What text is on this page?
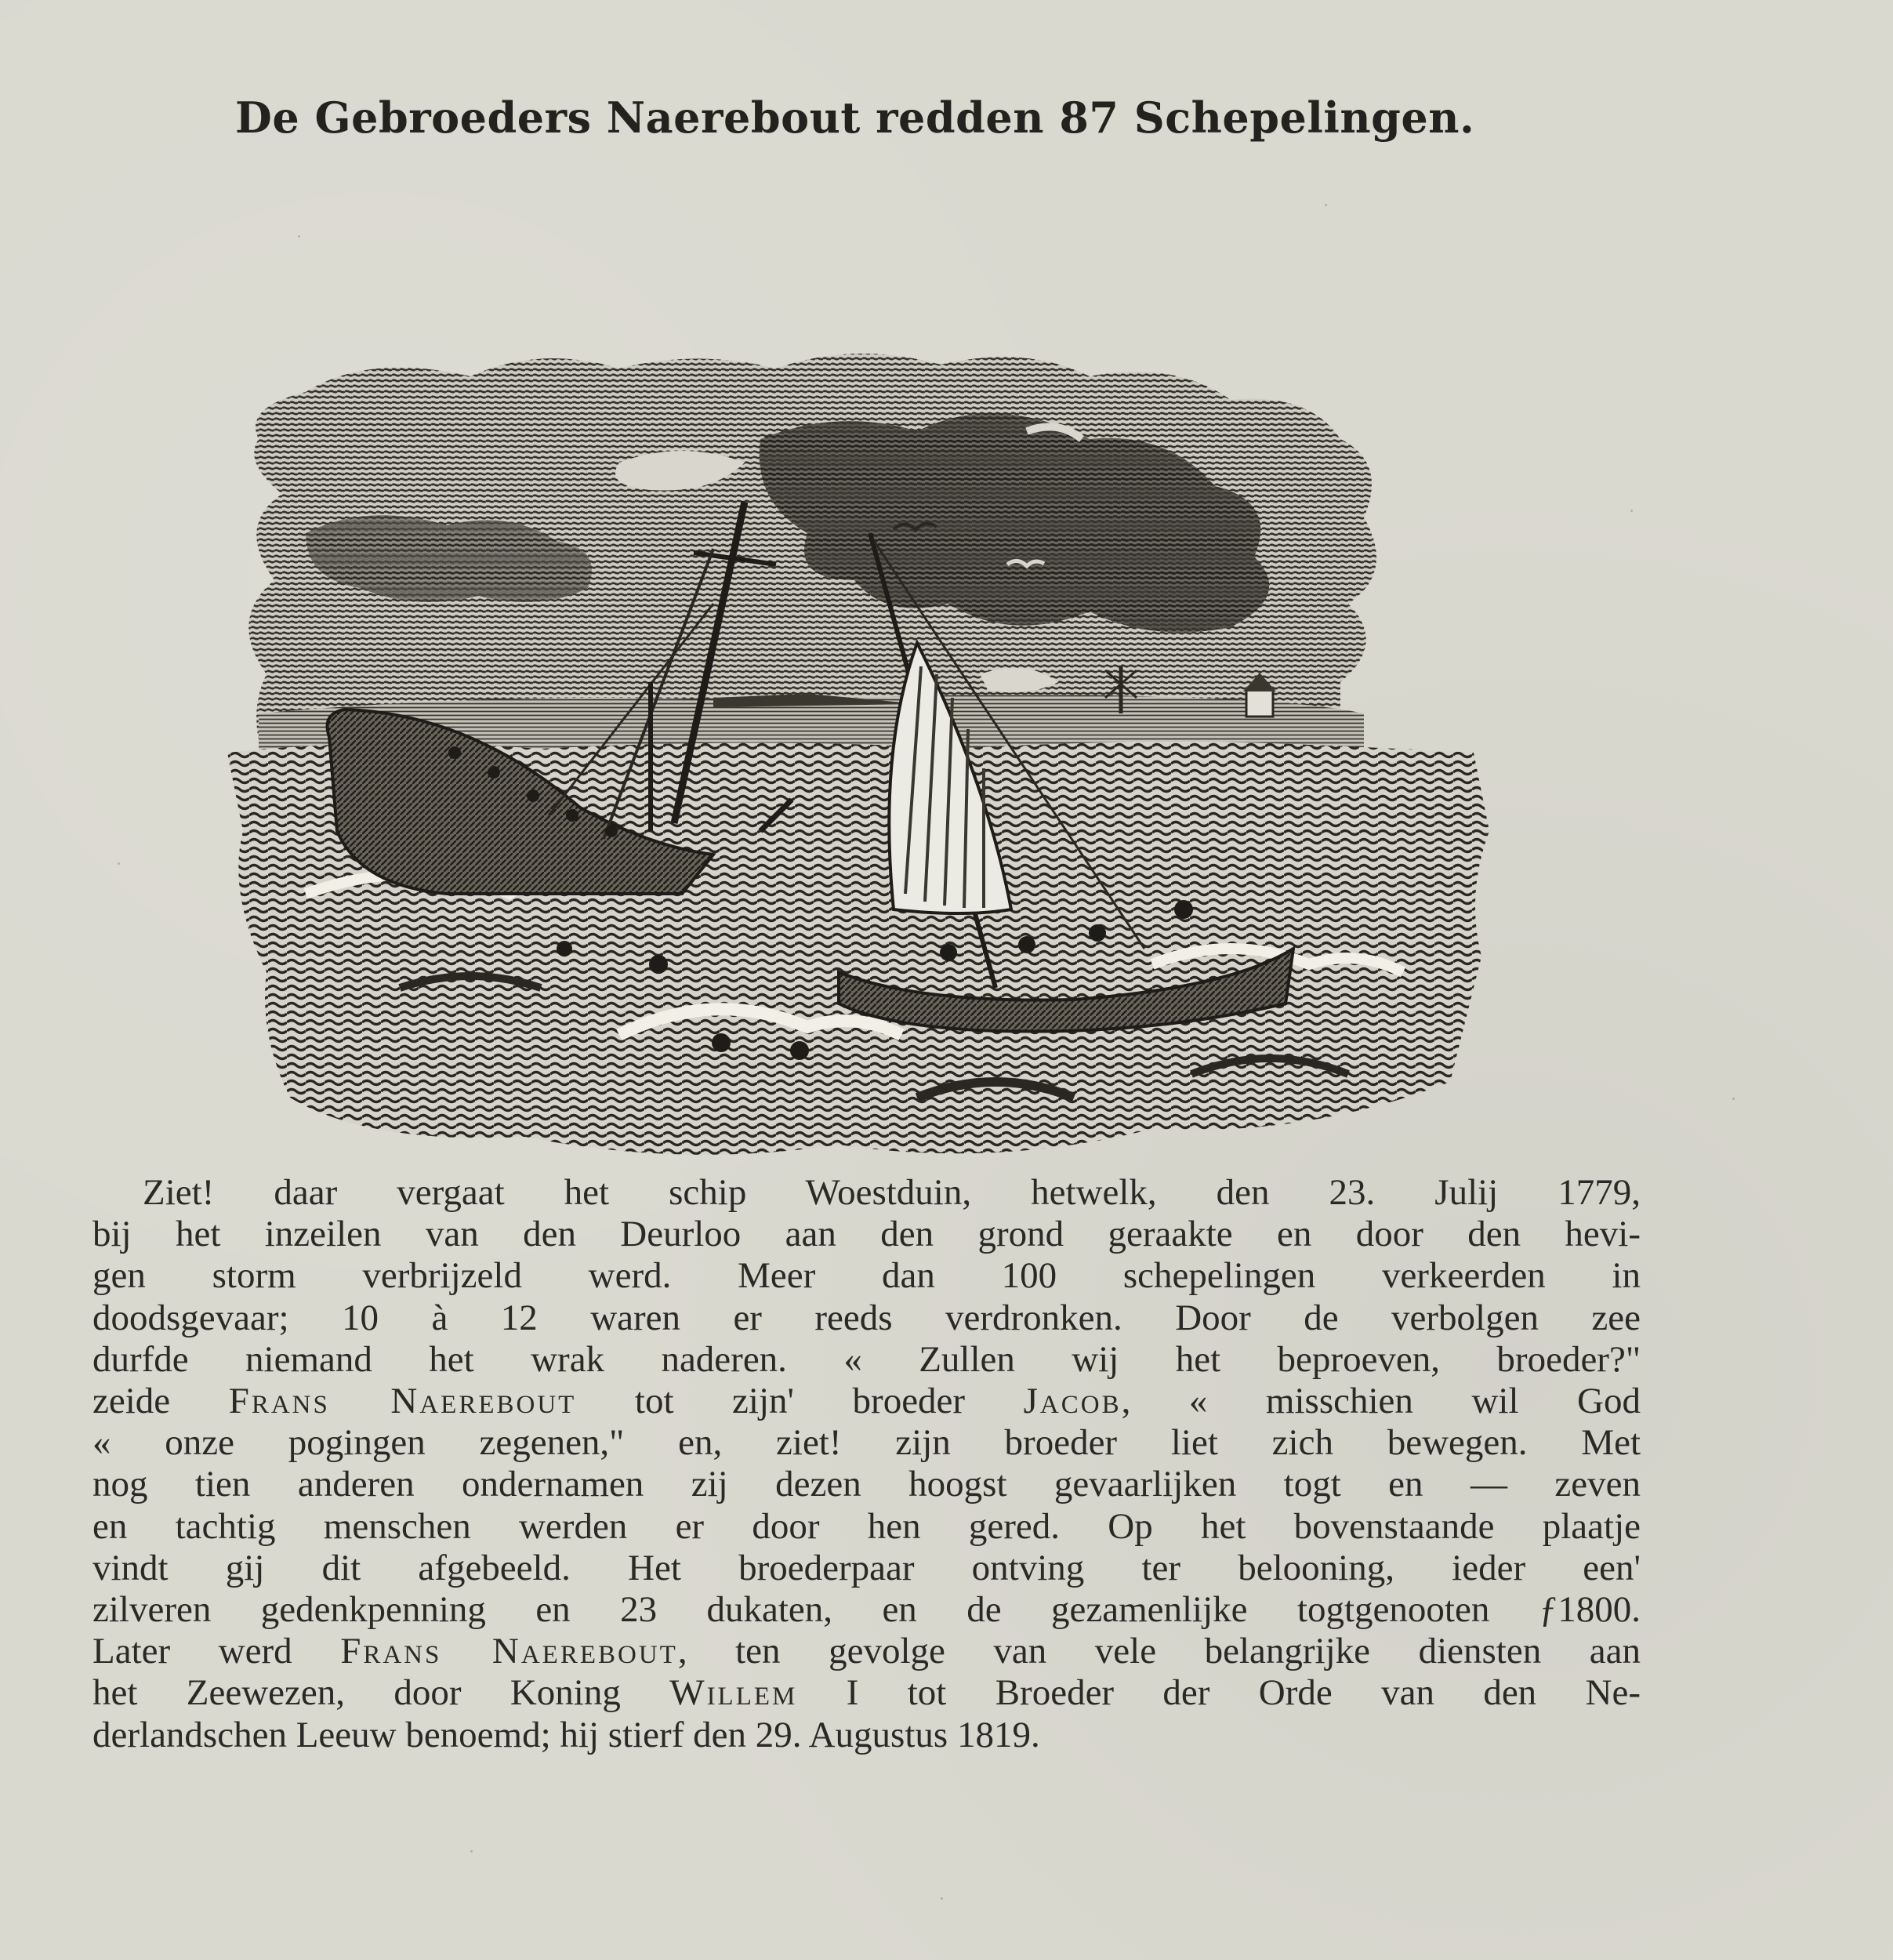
De Gebroeders Naerebout redden 87 Schepelingen.
Ziet! daar vergaat het schip Woestduin, hetwelk, den 23. Julij 1779,
bij het inzeilen van den Deurloo aan den grond geraakte en door den hevi-
gen storm verbrijzeld werd. Meer dan 100 schepelingen verkeerden in
doodsgevaar; 10 à 12 waren er reeds verdronken. Door de verbolgen zee
durfde niemand het wrak naderen. « Zullen wij het beproeven, broeder?"
zeide Frans Naerebout tot zijn' broeder Jacob, « misschien wil God
« onze pogingen zegenen," en, ziet! zijn broeder liet zich bewegen. Met
nog tien anderen ondernamen zij dezen hoogst gevaarlijken togt en — zeven
en tachtig menschen werden er door hen gered. Op het bovenstaande plaatje
vindt gij dit afgebeeld. Het broederpaar ontving ter belooning, ieder een'
zilveren gedenkpenning en 23 dukaten, en de gezamenlijke togtgenooten ƒ1800.
Later werd Frans Naerebout, ten gevolge van vele belangrijke diensten aan
het Zeewezen, door Koning Willem I tot Broeder der Orde van den Ne-
derlandschen Leeuw benoemd; hij stierf den 29. Augustus 1819.
